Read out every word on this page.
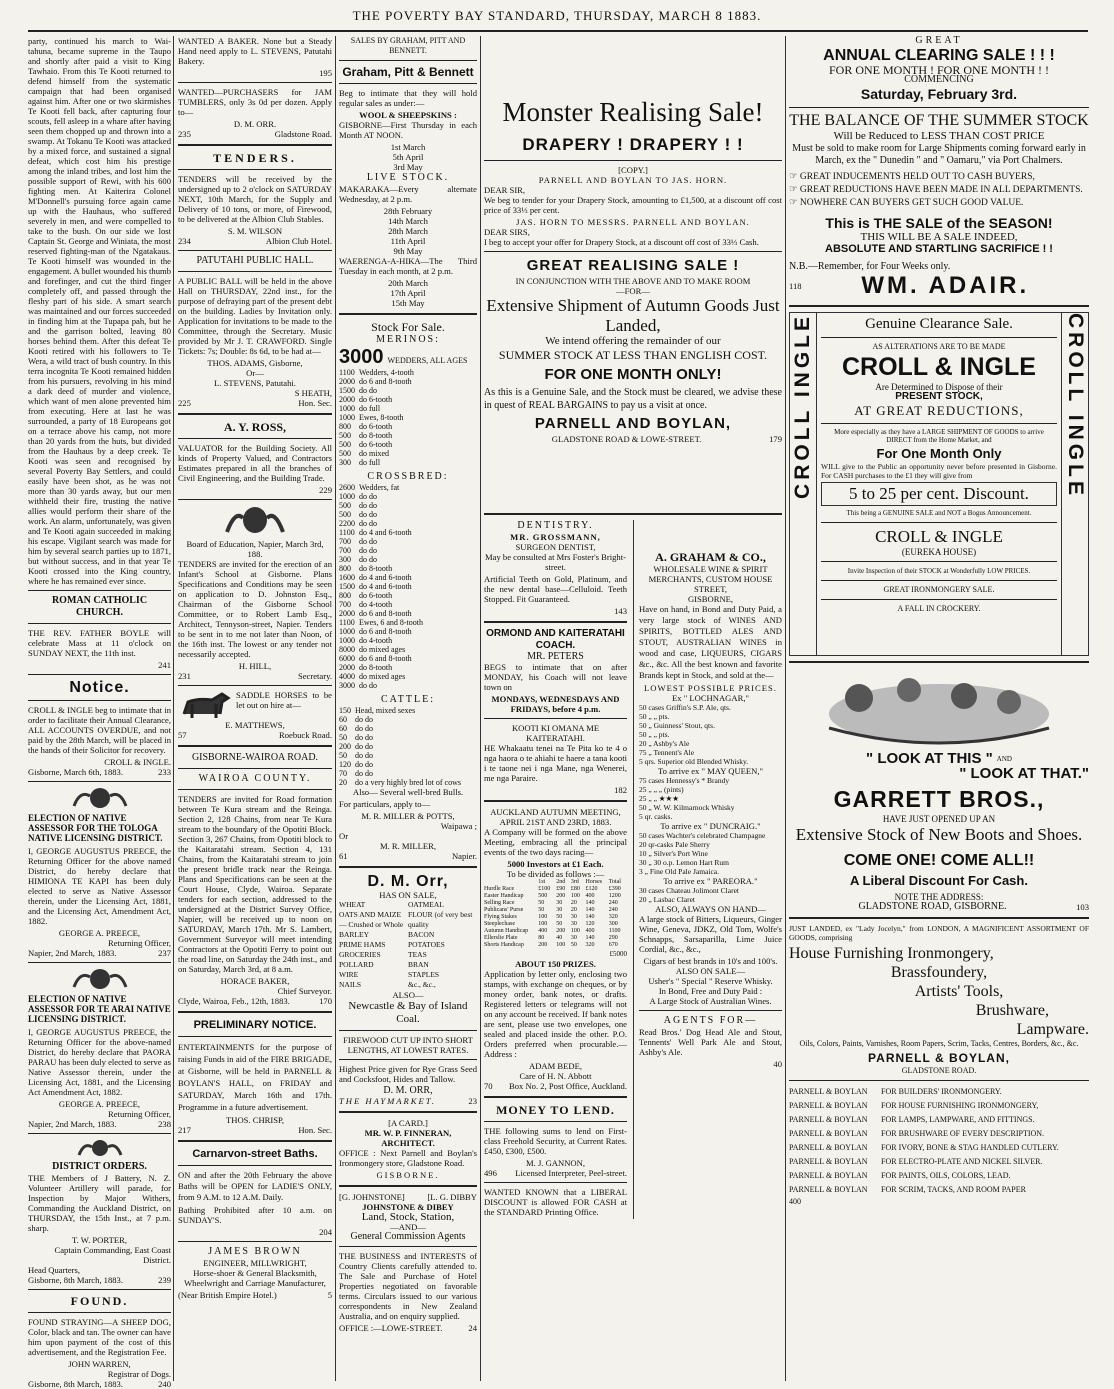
THE POVERTY BAY STANDARD, THURSDAY, MARCH 8 1883.

party, continued his march to Wai-tahuna, became supreme in the Taupo and shortly after paid a visit to King Tawhaio. From this Te Kooti returned to defend himself from the systematic campaign that had been organised against him. After one or two skirmishes Te Kooti fell back, after capturing four scouts, fell asleep in a whare after having seen them chopped up and thrown into a swamp. At Tokanu Te Kooti was attacked by a mixed force, and sustained a signal defeat, which cost him his prestige among the inland tribes, and lost him the possible support of Rewi, with his 600 fighting men. At Kaiterira Colonel M'Donnell's pursuing force again came up with the Hauhaus, who suffered severely in men, and were compelled to take to the bush. On our side we lost Captain St. George and Winiata, the most reserved fighting-man of the Ngatakaus. Te Kooti himself was wounded in the engagement. A bullet wounded his thumb and forefinger, and cut the third finger completely off, and passed through the fleshy part of his side. A smart search was maintained and our forces succeeded in finding him at the Tupapa pah, but he and the garrison bolted, leaving 80 horses behind them. After this defeat Te Kooti retired with his followers to Te Wera, a wild tract of bush country. In this terra incognita Te Kooti remained hidden from his pursuers, revolving in his mind a dark deed of murder and violence, which want of men alone prevented him from executing. Here at last he was surrounded, a party of 18 Europeans got on a terrace above his camp, not more than 20 yards from the huts, but divided from the Hauhaus by a deep creek. Te Kooti was seen and recognised by several Poverty Bay Settlers, and could easily have been shot, as he was not more than 30 yards away, but our men withheld their fire, trusting the native allies would perform their share of the work. An alarm, unfortunately, was given and Te Kooti again succeeded in making his escape. Vigilant search was made for him by several search parties up to 1871, but without success, and in that year Te Kooti crossed into the King country, where he has remained ever since.

ROMAN CATHOLIC CHURCH.

THE REV. FATHER BOYLE will celebrate Mass at 11 o'clock on SUNDAY NEXT, the 11th inst.

241
Notice.

CROLL & INGLE beg to intimate that in order to facilitate their Annual Clearance, ALL ACCOUNTS OVERDUE, and not paid by the 28th March, will be placed in the hands of their Solicitor for recovery.

CROLL & INGLE.
Gisborne, March 6th, 1883.	233
ELECTION OF NATIVE ASSESSOR FOR THE TOLOGA NATIVE LICENSING DISTRICT.

I, GEORGE AUGUSTUS PREECE, the Returning Officer for the above named District, do hereby declare that HIMIONA TE KAPI has been duly elected to serve as Native Assessor therein, under the Licensing Act, 1881, and the Licensing Act, Amendment Act, 1882.

GEORGE A. PREECE,
Returning Officer,
Napier, 2nd March, 1883.	237
ELECTION OF NATIVE ASSESSOR FOR TE ARAI NATIVE LICENSING DISTRICT.

I, GEORGE AUGUSTUS PREECE, the Returning Officer for the above-named District, do hereby declare that PAORA PARAU has been duly elected to serve as Native Assessor therein, under the Licensing Act, 1881, and the Licensing Act Amendment Act, 1882.

GEORGE A. PREECE,
Returning Officer,
Napier, 2nd March, 1883.	238
DISTRICT ORDERS.

THE Members of J Battery, N. Z. Volunteer Artillery will parade, for Inspection by Major Withers, Commanding the Auckland District, on THURSDAY, the 15th Inst., at 7 p.m. sharp.

T. W. PORTER,
Captain Commanding, East Coast District.
Head Quarters,
Gisborne, 8th March, 1883.	239
FOUND.

FOUND STRAYING—A SHEEP DOG, Color, black and tan. The owner can have him upon payment of the cost of this advertisement, and the Registration Fee.

JOHN WARREN,
Registrar of Dogs.
Gisborne, 8th March, 1883.	240

WANTED A BAKER. None but a Steady Hand need apply to L. STEVENS, Patutahi Bakery.

195

WANTED—PURCHASERS for JAM TUMBLERS, only 3s 0d per dozen. Apply to—

D. M. ORR.
235	Gladstone Road.
TENDERS.

TENDERS will be received by the undersigned up to 2 o'clock on SATURDAY NEXT, 10th March, for the Supply and Delivery of 10 tons, or more, of Firewood, to be delivered at the Albion Club Stables.

S. M. WILSON
234	Albion Club Hotel.
PATUTAHI PUBLIC HALL.

A PUBLIC BALL will be held in the above Hall on THURSDAY, 22nd inst., for the purpose of defraying part of the present debt on the building. Ladies by Invitation only. Application for invitations to be made to the Committee, through the Secretary. Music provided by Mr J. T. CRAWFORD. Single Tickets: 7s; Double: 8s 6d, to be had at—

THOS. ADAMS, Gisborne,
Or—
L. STEVENS, Patutahi.
S HEATH,
225	Hon. Sec.
A. Y. ROSS,

VALUATOR for the Building Society. All kinds of Property Valued, and Contractors Estimates prepared in all the branches of Civil Engineering, and the Building Trade.

229
Board of Education, Napier, March 3rd, 188.

TENDERS are invited for the erection of an Infant's School at Gisborne. Plans Specifications and Conditions may be seen on application to D. Johnston Esq., Chairman of the Gisborne School Committee, or to Robert Lamb Esq., Architect, Tennyson-street, Napier. Tenders to be sent in to me not later than Noon, of the 16th inst. The lowest or any tender not necessarily accepted.

H. HILL,
231	Secretary.

SADDLE HORSES to be let out on hire at—

E. MATTHEWS,
57	Roebuck Road.
GISBORNE-WAIROA ROAD.
WAIROA COUNTY.

TENDERS are invited for Road formation between Te Kura stream and the Reinga. Section 2, 128 Chains, from near Te Kura stream to the boundary of the Opotiti Block. Section 3, 267 Chains, from Opotiti block to the Kaitaratahi stream. Section 4, 131 Chains, from the Kaitaratahi stream to join the present bridle track near the Reinga. Plans and Specifications can be seen at the Court House, Clyde, Wairoa. Separate tenders for each section, addressed to the undersigned at the District Survey Office, Napier, will be received up to noon on SATURDAY, March 17th. Mr S. Lambert, Government Surveyor will meet intending Contractors at the Opotiti Ferry to point out the road line, on Saturday the 24th inst., and on Saturday, March 3rd, at 8 a.m.

HORACE BAKER,
Chief Surveyor.
Clyde, Wairoa, Feb., 12th, 1883.	170
PRELIMINARY NOTICE.

ENTERTAINMENTS for the purpose of raising Funds in aid of the FIRE BRIGADE, at Gisborne, will be held in PARNELL & BOYLAN'S HALL, on FRIDAY and SATURDAY, March 16th and 17th. Programme in a future advertisement.

THOS. CHRISP,
217	Hon. Sec.
Carnarvon-street Baths.

ON and after the 20th February the above Baths will be OPEN for LADIE'S ONLY, from 9 A.M. to 12 A.M. Daily.

Bathing Prohibited after 10 a.m. on SUNDAY'S.

204
JAMES BROWN
ENGINEER, MILLWRIGHT,

Horse-shoer & General Blacksmith, Wheelwright and Carriage Manufacturer,

(Near British Empire Hotel.)	5
SALES BY GRAHAM, PITT AND BENNETT.
Graham, Pitt & Bennett

Beg to intimate that they will hold regular sales as under:—

WOOL & SHEEPSKINS :

GISBORNE—First Thursday in each Month AT NOON.

1st March
5th April
3rd May
LIVE STOCK.

MAKARAKA—Every alternate Wednesday, at 2 p.m.

28th February
14th March
28th March
11th April
9th May

WAERENGA-A-HIKA—The Third Tuesday in each month, at 2 p.m.

20th March
17th April
15th May
Stock For Sale.
MERINOS:
3000 WEDDERS, ALL AGES
1100	Wedders, 4-tooth
2000	do 6 and 8-tooth
1500	do do
2000	do 6-tooth
1000	do full
1000	Ewes, 8-tooth
800	do 6-tooth
500	do 8-tooth
500	do 6-tooth
500	do mixed
300	do full
CROSSBRED:
2600	Wedders, fat
1000	do do
500	do do
500	do do
2200	do do
1100	do 4 and 6-tooth
700	do do
700	do do
300	do do
800	do 8-tooth
1600	do 4 and 6-tooth
1500	do 4 and 6-tooth
800	do 6-tooth
700	do 4-tooth
2000	do 6 and 8-tooth
1100	Ewes, 6 and 8-tooth
1000	do 6 and 8-tooth
1000	do 4-tooth
8000	do mixed ages
6000	do 6 and 8-tooth
2000	do 8-tooth
4000	do mixed ages
3000	do do
CATTLE:
150	Head, mixed sexes
60	do do
60	do do
50	do do
200	do do
50	do do
120	do do
70	do do
20	do a very highly bred lot of cows

Also— Several well-bred Bulls.

For particulars, apply to—

M. R. MILLER & POTTS,
Waipawa ;
Or
M. R. MILLER,
61	Napier.
D. M. Orr,
HAS ON SALE,
WHEAT
OATS AND MAIZE — Crushed or Whole
BARLEY
PRIME HAMS
GROCERIES
POLLARD
WIRE
NAILS
OATMEAL
FLOUR (of very best quality
BACON
POTATOES
TEAS
BRAN
STAPLES
&c., &c.,
ALSO—
Newcastle & Bay of Island Coal.

FIREWOOD CUT UP INTO SHORT LENGTHS, AT LOWEST RATES.

Highest Price given for Rye Grass Seed and Cocksfoot, Hides and Tallow.

D. M. ORR,
THE HAYMARKET.	23
[A CARD.]
MR. W. P. FINNERAN, ARCHITECT.

OFFICE : Next Parnell and Boylan's Ironmongery store, Gladstone Road.

GISBORNE.
[G. JOHNSTONE]	[L. G. DIBBY
JOHNSTONE & DIBEY
Land, Stock, Station,
—AND—
General Commission Agents

THE BUSINESS and INTERESTS of Country Clients carefully attended to. The Sale and Purchase of Hotel Properties negotiated on favorable terms. Circulars issued to our various correspondents in New Zealand Australia, and on enquiry supplied.

OFFICE :—LOWE-STREET.	24
Monster Realising Sale!
DRAPERY ! DRAPERY ! !
[COPY.]
PARNELL AND BOYLAN TO JAS. HORN.
DEAR SIR,

We beg to tender for your Drapery Stock, amounting to £1,500, at a discount off cost price of 33⅓ per cent.

JAS. HORN TO MESSRS. PARNELL AND BOYLAN.
DEAR SIRS,

I beg to accept your offer for Drapery Stock, at a discount off cost of 33⅓ Cash.

GREAT REALISING SALE !
IN CONJUNCTION WITH THE ABOVE AND TO MAKE ROOM
—FOR—
Extensive Shipment of Autumn Goods Just Landed,
We intend offering the remainder of our
SUMMER STOCK AT LESS THAN ENGLISH COST.
FOR ONE MONTH ONLY!

As this is a Genuine Sale, and the Stock must be cleared, we advise these in quest of REAL BARGAINS to pay us a visit at once.

PARNELL AND BOYLAN,
GLADSTONE ROAD & LOWE-STREET.	179
DENTISTRY.
MR. GROSSMANN,
SURGEON DENTIST,

May be consulted at Mrs Foster's Bright-street.

Artificial Teeth on Gold, Platinum, and the new dental base—Celluloid. Teeth Stopped. Fit Guaranteed.

143
ORMOND AND KAITERATAHI COACH.
MR. PETERS

BEGS to intimate that on after MONDAY, his Coach will not leave town on

MONDAYS, WEDNESDAYS AND FRIDAYS, before 4 p.m.
KOOTI KI OMANA ME KAITERATAHI.

HE Whakaatu tenei na Te Pita ko te 4 o nga haora o te ahiahi te haere a tana kooti i te taone nei i nga Mane, nga Wenerei, me nga Paraire.

182
AUCKLAND AUTUMN MEETING,
APRIL 21ST AND 23RD, 1883.

A Company will be formed on the above Meeting, embracing all the principal events of the two days racing—

5000 Investors at £1 Each.
To be divided as follows :—
	1st	2nd	3rd	Horses	Total
Hurdle Race	£100	£90	£80	£120	£390
Easter Handicap	500	200	100	400	1200
Selling Race	50	30	20	140	240
Publicans' Purse	50	30	20	140	240
Flying Stakes	100	50	30	140	320
Steeplechase	100	50	30	120	300
Autumn Handicap	400	200	100	400	1100
Ellerslie Plate	80	40	30	140	290
Shorts Handicap	200	100	50	320	670
£5000
ABOUT 150 PRIZES.

Application by letter only, enclosing two stamps, with exchange on cheques, or by money order, bank notes, or drafts. Registered letters or telegrams will not on any account be received. If bank notes are sent, please use two envelopes, one sealed and placed inside the other. P.O. Orders preferred when procurable.—Address :

ADAM BEDE,
Care of H. N. Abbott
70 Box No. 2, Post Office, Auckland.
MONEY TO LEND.

THE following sums to lend on First-class Freehold Security, at Current Rates. £450, £300, £500.

M. J. GANNON,
496 Licensed Interpreter, Peel-street.

WANTED KNOWN that a LIBERAL DISCOUNT is allowed FOR CASH at the STANDARD Printing Office.

A. GRAHAM & CO.,
WHOLESALE WINE & SPIRIT MERCHANTS, CUSTOM HOUSE STREET,
GISBORNE,

Have on hand, in Bond and Duty Paid, a very large stock of WINES AND SPIRITS, BOTTLED ALES AND STOUT, AUSTRALIAN WINES in wood and case, LIQUEURS, CIGARS &c., &c. All the best known and favorite Brands kept in Stock, and sold at the—

LOWEST POSSIBLE PRICES.
Ex " LOCHNAGAR,"
50 cases Griffin's S.P. Ale, qts.
50 „ „ pts.
50 „ Guinness' Stout, qts.
50 „ „ pts.
20 „ Ashby's Ale
75 „ Tennent's Ale
5 qrs. Superior old Blended Whisky.
To arrive ex " MAY QUEEN,"
75 cases Hennessy's * Brandy
25 „ „ „ (pints)
25 „ „ ★★★
50 „ W. W. Kilmarnock Whisky
5 qr. casks.
To arrive ex " DUNCRAIG."
50 cases Wachter's celebrated Champagne
20 qr-casks Pale Sherry
10 „ Silver's Port Wine
30 „ 30 o.p. Lemon Hart Rum
3 „ Fine Old Pale Jamaica.
To arrive ex " PAREORA."
30 cases Chateau Jolimont Claret
20 „ Lasbac Claret
ALSO, ALWAYS ON HAND—

A large stock of Bitters, Liqueurs, Ginger Wine, Geneva, JDKZ, Old Tom, Wolfe's Schnapps, Sarsaparilla, Lime Juice Cordial, &c., &c.,

Cigars of best brands in 10's and 100's.
ALSO ON SALE—
Usher's " Special " Reserve Whisky.
In Bond, Free and Duty Paid :
A Large Stock of Australian Wines.
AGENTS FOR—

Read Bros.' Dog Head Ale and Stout, Tennents' Well Park Ale and Stout, Ashby's Ale.

40
GREAT
ANNUAL CLEARING SALE ! ! !
FOR ONE MONTH ! FOR ONE MONTH ! !
COMMENCING
Saturday, February 3rd.
THE BALANCE OF THE SUMMER STOCK
Will be Reduced to LESS THAN COST PRICE

Must be sold to make room for Large Shipments coming forward early in March, ex the " Dunedin " and " Oamaru," via Port Chalmers.

☞ GREAT INDUCEMENTS HELD OUT TO CASH BUYERS,
☞ GREAT REDUCTIONS HAVE BEEN MADE IN ALL DEPARTMENTS.
☞ NOWHERE CAN BUYERS GET SUCH GOOD VALUE.
This is THE SALE of the SEASON!
THIS WILL BE A SALE INDEED,
ABSOLUTE AND STARTLING SACRIFICE ! !
N.B.—Remember, for Four Weeks only.
118	WM. ADAIR.
CROLL INGLE	Genuine Clearance Sale.
AS ALTERATIONS ARE TO BE MADE
CROLL & INGLE
Are Determined to Dispose of their
PRESENT STOCK,
AT GREAT REDUCTIONS,

More especially as they have a LARGE SHIPMENT OF GOODS to arrive DIRECT from the Home Market, and

For One Month Only

WILL give to the Public an opportunity never before presented in Gisborne. For CASH purchases to the £1 they will give from

5 to 25 per cent. Discount.
This being a GENUINE SALE and NOT a Bogus Announcement.
CROLL & INGLE
(EUREKA HOUSE)
Invite Inspection of their STOCK at Wonderfully LOW PRICES.
GREAT IRONMONGERY SALE.
A FALL IN CROCKERY.
CROLL INGLE
" LOOK AT THIS " AND
" LOOK AT THAT."
GARRETT BROS.,
HAVE JUST OPENED UP AN
Extensive Stock of New Boots and Shoes.
COME ONE! COME ALL!!
A Liberal Discount For Cash.
NOTE THE ADDRESS:
GLADSTONE ROAD, GISBORNE.	103

JUST LANDED, ex "Lady Jocelyn," from LONDON, A MAGNIFICENT ASSORTMENT OF GOODS, comprising

House Furnishing Ironmongery,
Brassfoundery,
Artists' Tools,
Brushware,
Lampware.

Oils, Colors, Paints, Varnishes, Room Papers, Scrim, Tacks, Centres, Borders, &c., &c.

PARNELL & BOYLAN,
GLADSTONE ROAD.
PARNELL & BOYLAN	FOR BUILDERS' IRONMONGERY.
PARNELL & BOYLAN	FOR HOUSE FURNISHING IRONMONGERY,
PARNELL & BOYLAN	FOR LAMPS, LAMPWARE, AND FITTINGS.
PARNELL & BOYLAN	FOR BRUSHWARE OF EVERY DESCRIPTION.
PARNELL & BOYLAN	FOR IVORY, BONE & STAG HANDLED CUTLERY.
PARNELL & BOYLAN	FOR ELECTRO-PLATE AND NICKEL SILVER.
PARNELL & BOYLAN	FOR PAINTS, OILS, COLORS, LEAD.
PARNELL & BOYLAN	FOR SCRIM, TACKS, AND ROOM PAPER
400
